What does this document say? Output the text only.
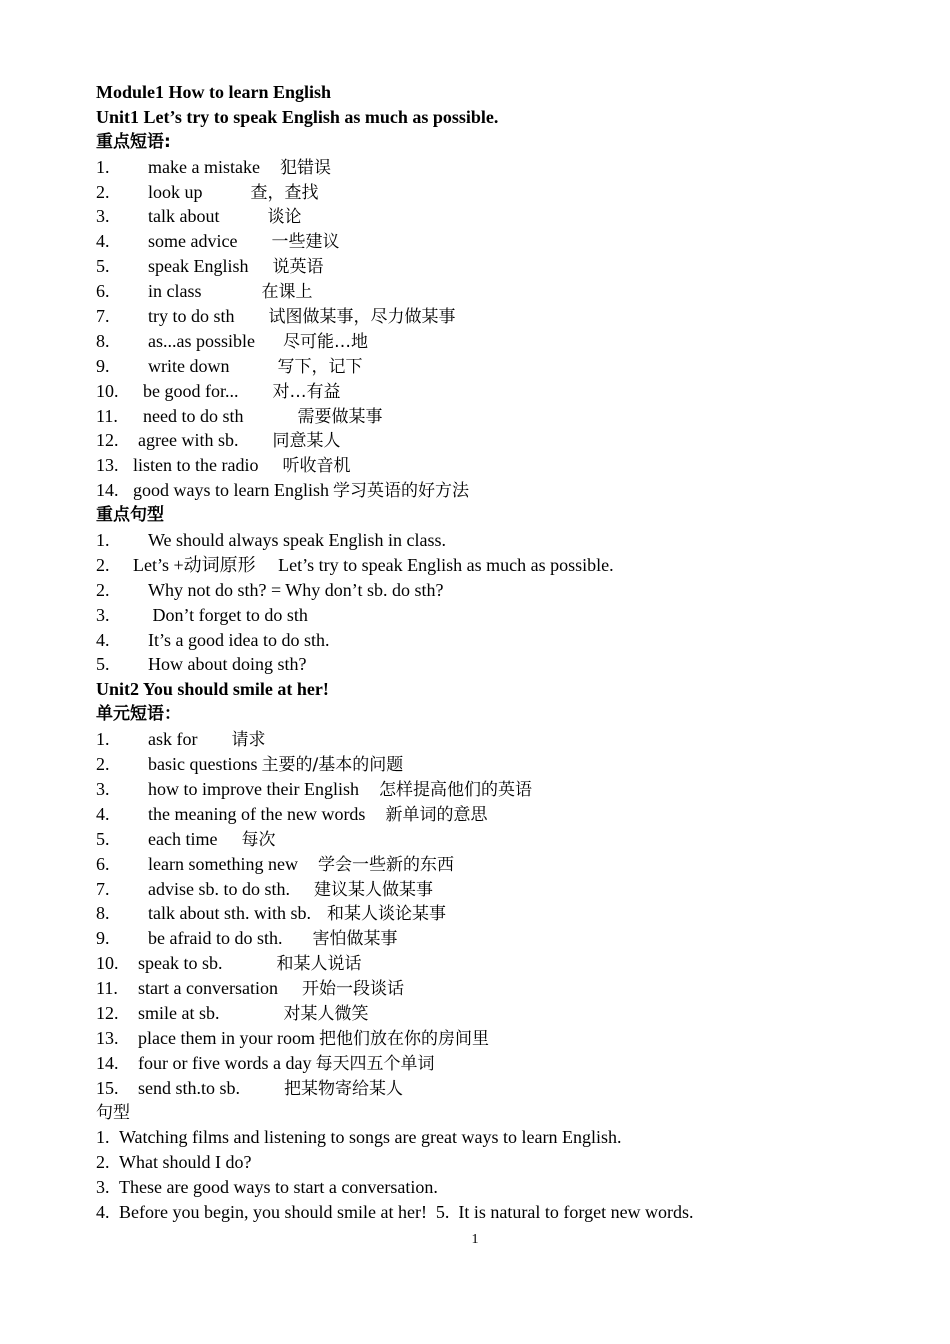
Module1 How to learn English
Unit1 Let’s try to speak English as much as possible.
重点短语:
1. make a mistake 犯错误
2. look up	查，查找
3. talk about	谈论
4. some advice 一些建议
5. speak English 说英语
6. in class	在课上
7. try to do sth 试图做某事，尽力做某事
8. as...as possible 尽可能…地
9. write down	写下，记下
10. be good for... 对…有益
11. need to do sth	需要做某事
12. agree with sb. 同意某人
13. listen to the radio 听收音机
14. good ways to learn English 学习英语的好方法
重点句型
1. We should always speak English in class.
2. Let’s +动词原形     Let’s try to speak English as much as possible.
2. Why not do sth? = Why don’t sb. do sth?
3. Don’t forget to do sth
4. It’s a good idea to do sth.
5. How about doing sth?
Unit2 You should smile at her!
单元短语：
1. ask for 请求
2. basic questions 主要的/基本的问题
3. how to improve their English 怎样提高他们的英语
4. the meaning of the new words 新单词的意思
5. each time 每次
6. learn something new 学会一些新的东西
7. advise sb. to do sth. 建议某人做某事
8. talk about sth. with sb. 和某人谈论某事
9. be afraid to do sth. 害怕做某事
10. speak to sb.	和某人说话
11. start a conversation 开始一段谈话
12. smile at sb.	对某人微笑
13. place them in your room 把他们放在你的房间里
14. four or five words a day 每天四五个单词
15. send sth.to sb.	把某物寄给某人
句型
1. Watching films and listening to songs are great ways to learn English.
2. What should I do?
3. These are good ways to start a conversation.
4. Before you begin, you should smile at her!  5.  It is natural to forget new words.
1
